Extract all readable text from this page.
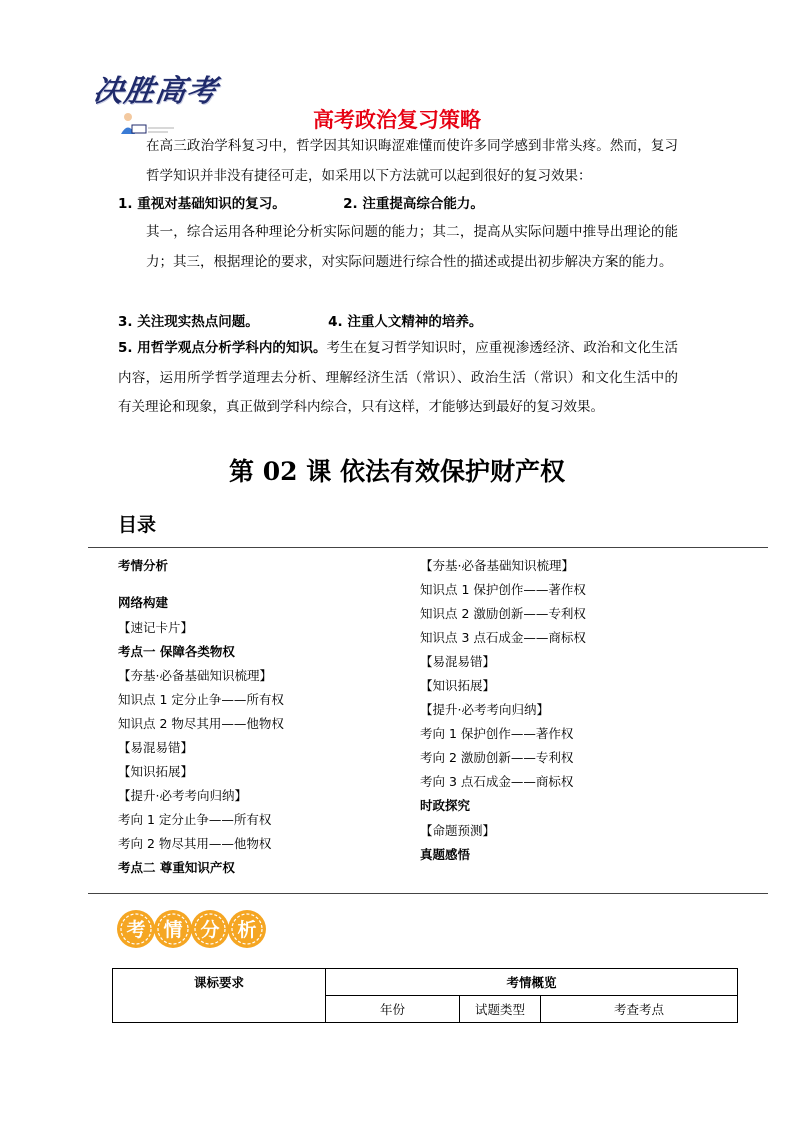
决胜高考
高考政治复习策略
在高三政治学科复习中，哲学因其知识晦涩难懂而使许多同学感到非常头疼。然而，复习哲学知识并非没有捷径可走，如采用以下方法就可以起到很好的复习效果：
1. 重视对基础知识的复习。	2. 注重提高综合能力。
其一，综合运用各种理论分析实际问题的能力；其二，提高从实际问题中推导出理论的能力；其三，根据理论的要求，对实际问题进行综合性的描述或提出初步解决方案的能力。
3. 关注现实热点问题。	4. 注重人文精神的培养。
5. 用哲学观点分析学科内的知识。考生在复习哲学知识时，应重视渗透经济、政治和文化生活内容，运用所学哲学道理去分析、理解经济生活（常识）、政治生活（常识）和文化生活中的有关理论和现象，真正做到学科内综合，只有这样，才能够达到最好的复习效果。
第 02 课 依法有效保护财产权
目录
考情分析
网络构建
【速记卡片】
考点一 保障各类物权
【夯基·必备基础知识梳理】
知识点 1 定分止争——所有权
知识点 2 物尽其用——他物权
【易混易错】
【知识拓展】
【提升·必考考向归纳】
考向 1 定分止争——所有权
考向 2 物尽其用——他物权
考点二 尊重知识产权
【夯基·必备基础知识梳理】
知识点 1 保护创作——著作权
知识点 2 激励创新——专利权
知识点 3 点石成金——商标权
【易混易错】
【知识拓展】
【提升·必考考向归纳】
考向 1 保护创作——著作权
考向 2 激励创新——专利权
考向 3 点石成金——商标权
时政探究
【命题预测】
真题感悟
考 情 分 析
课标要求	考情概览		
	年份	试题类型	考查考点
